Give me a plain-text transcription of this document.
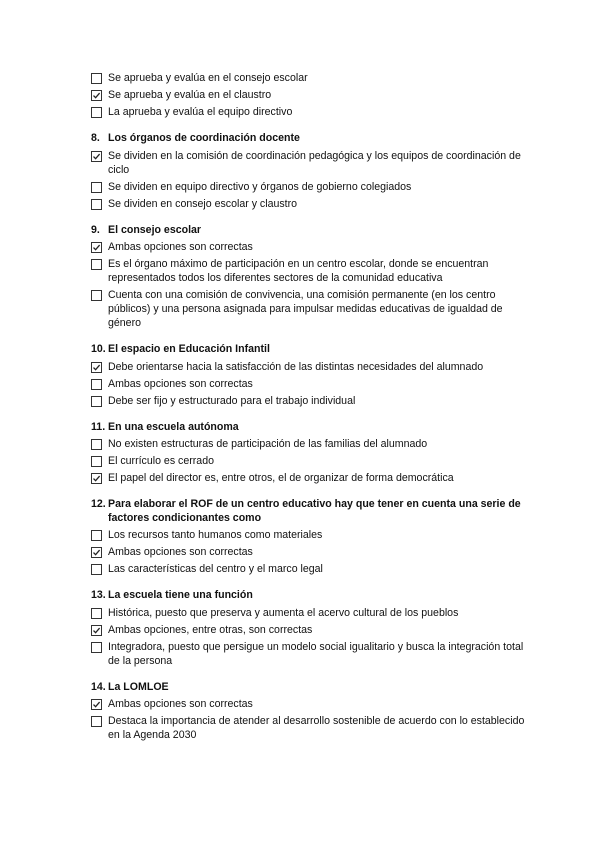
Se aprueba y evalúa en el consejo escolar
Se aprueba y evalúa en el claustro
La aprueba y evalúa el equipo directivo
8. Los órganos de coordinación docente
Se dividen en la comisión de coordinación pedagógica y los equipos de coordinación de ciclo
Se dividen en equipo directivo y órganos de gobierno colegiados
Se dividen en consejo escolar y claustro
9. El consejo escolar
Ambas opciones son correctas
Es el órgano máximo de participación en un centro escolar, donde se encuentran representados todos los diferentes sectores de la comunidad educativa
Cuenta con una comisión de convivencia, una comisión permanente (en los centro públicos) y una persona asignada para impulsar medidas educativas de igualdad de género
10. El espacio en Educación Infantil
Debe orientarse hacia la satisfacción de las distintas necesidades del alumnado
Ambas opciones son correctas
Debe ser fijo y estructurado para el trabajo individual
11. En una escuela autónoma
No existen estructuras de participación de las familias del alumnado
El currículo es cerrado
El papel del director es, entre otros, el de organizar de forma democrática
12. Para elaborar el ROF de un centro educativo hay que tener en cuenta una serie de factores condicionantes como
Los recursos tanto humanos como materiales
Ambas opciones son correctas
Las características del centro y el marco legal
13. La escuela tiene una función
Histórica, puesto que preserva y aumenta el acervo cultural de los pueblos
Ambas opciones, entre otras, son correctas
Integradora, puesto que persigue un modelo social igualitario y busca la integración total de la persona
14. La LOMLOE
Ambas opciones son correctas
Destaca la importancia de atender al desarrollo sostenible de acuerdo con lo establecido en la Agenda 2030
